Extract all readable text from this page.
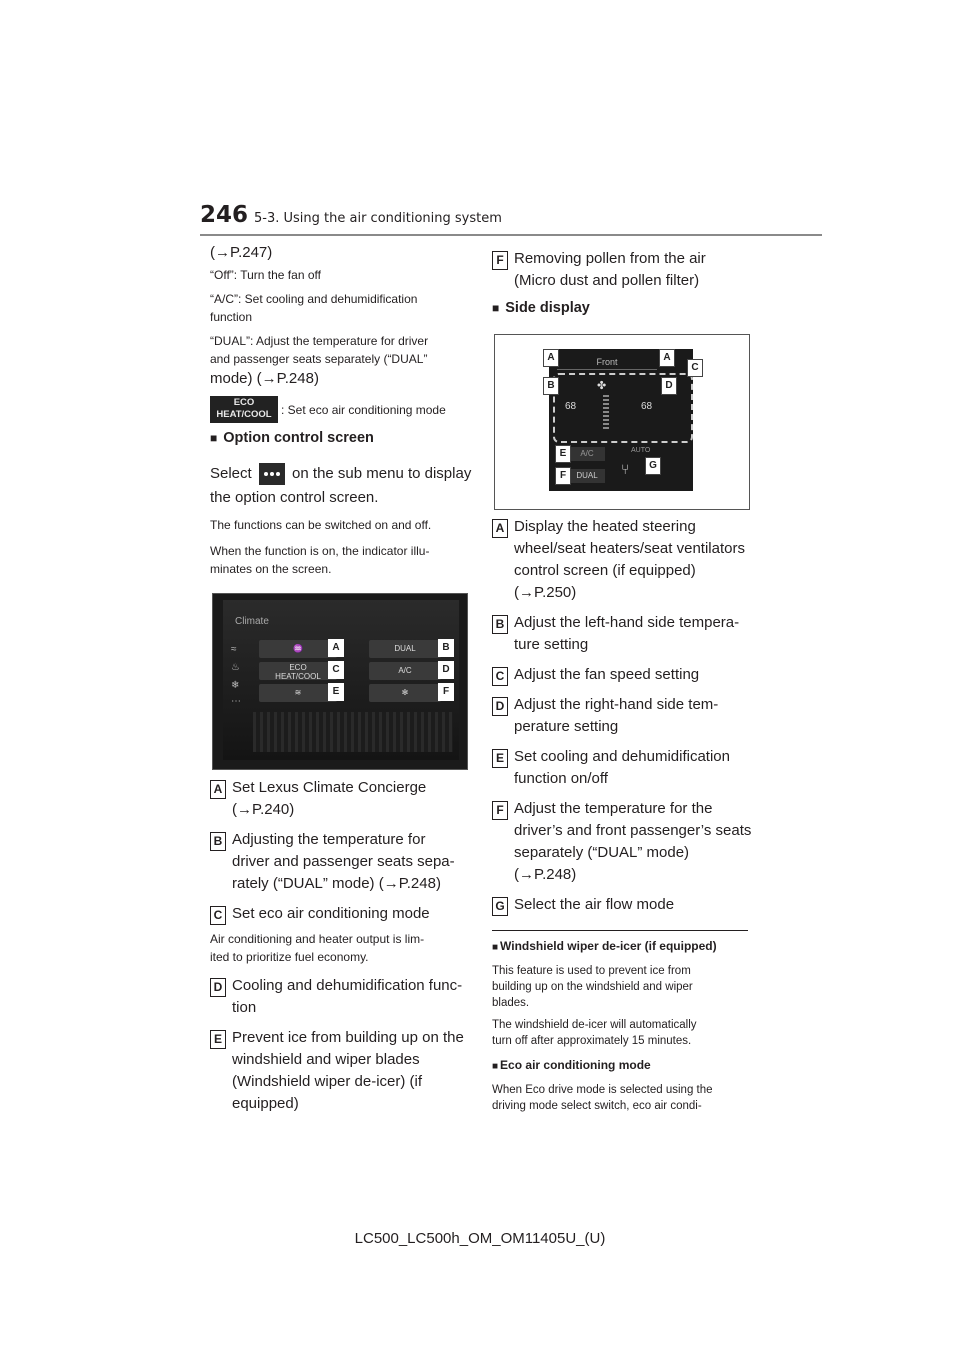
246 5-3. Using the air conditioning system
(→P.247)
“Off”: Turn the fan off
“A/C”: Set cooling and dehumidification
function
“DUAL”: Adjust the temperature for driver
and passenger seats separately (“DUAL”
mode) (→P.248)
ECO
HEAT/COOL : Set eco air conditioning mode
■ Option control screen
Select	on the sub menu to display
the option control screen.
The functions can be switched on and off.
When the function is on, the indicator illu-
minates on the screen.
Climate
≈
♨
❄
⋯
♒
ECO
HEAT/COOL
≋
DUAL
A/C
✻
A	B
C	D
E	F
A Set Lexus Climate Concierge
(→P.240)
B Adjusting the temperature for
driver and passenger seats sepa-
rately (“DUAL” mode) (→P.248)
C Set eco air conditioning mode
Air conditioning and heater output is lim-
ited to prioritize fuel economy.
D Cooling and dehumidification func-
tion
E Prevent ice from building up on the
windshield and wiper blades
(Windshield wiper de-icer) (if
equipped)
F Removing pollen from the air
(Micro dust and pollen filter)
■ Side display
Front
68	68
✤
A/C	AUTO
DUAL	⑂
A	A
B
C
D
E
F
G
A Display the heated steering
wheel/seat heaters/seat ventilators
control screen (if equipped)
(→P.250)
B Adjust the left-hand side tempera-
ture setting
C Adjust the fan speed setting
D Adjust the right-hand side tem-
perature setting
E Set cooling and dehumidification
function on/off
F Adjust the temperature for the
driver’s and front passenger’s seats
separately (“DUAL” mode)
(→P.248)
G Select the air flow mode
■ Windshield wiper de-icer (if equipped)
This feature is used to prevent ice from
building up on the windshield and wiper
blades.
The windshield de-icer will automatically
turn off after approximately 15 minutes.
■ Eco air conditioning mode
When Eco drive mode is selected using the
driving mode select switch, eco air condi-
LC500_LC500h_OM_OM11405U_(U)
